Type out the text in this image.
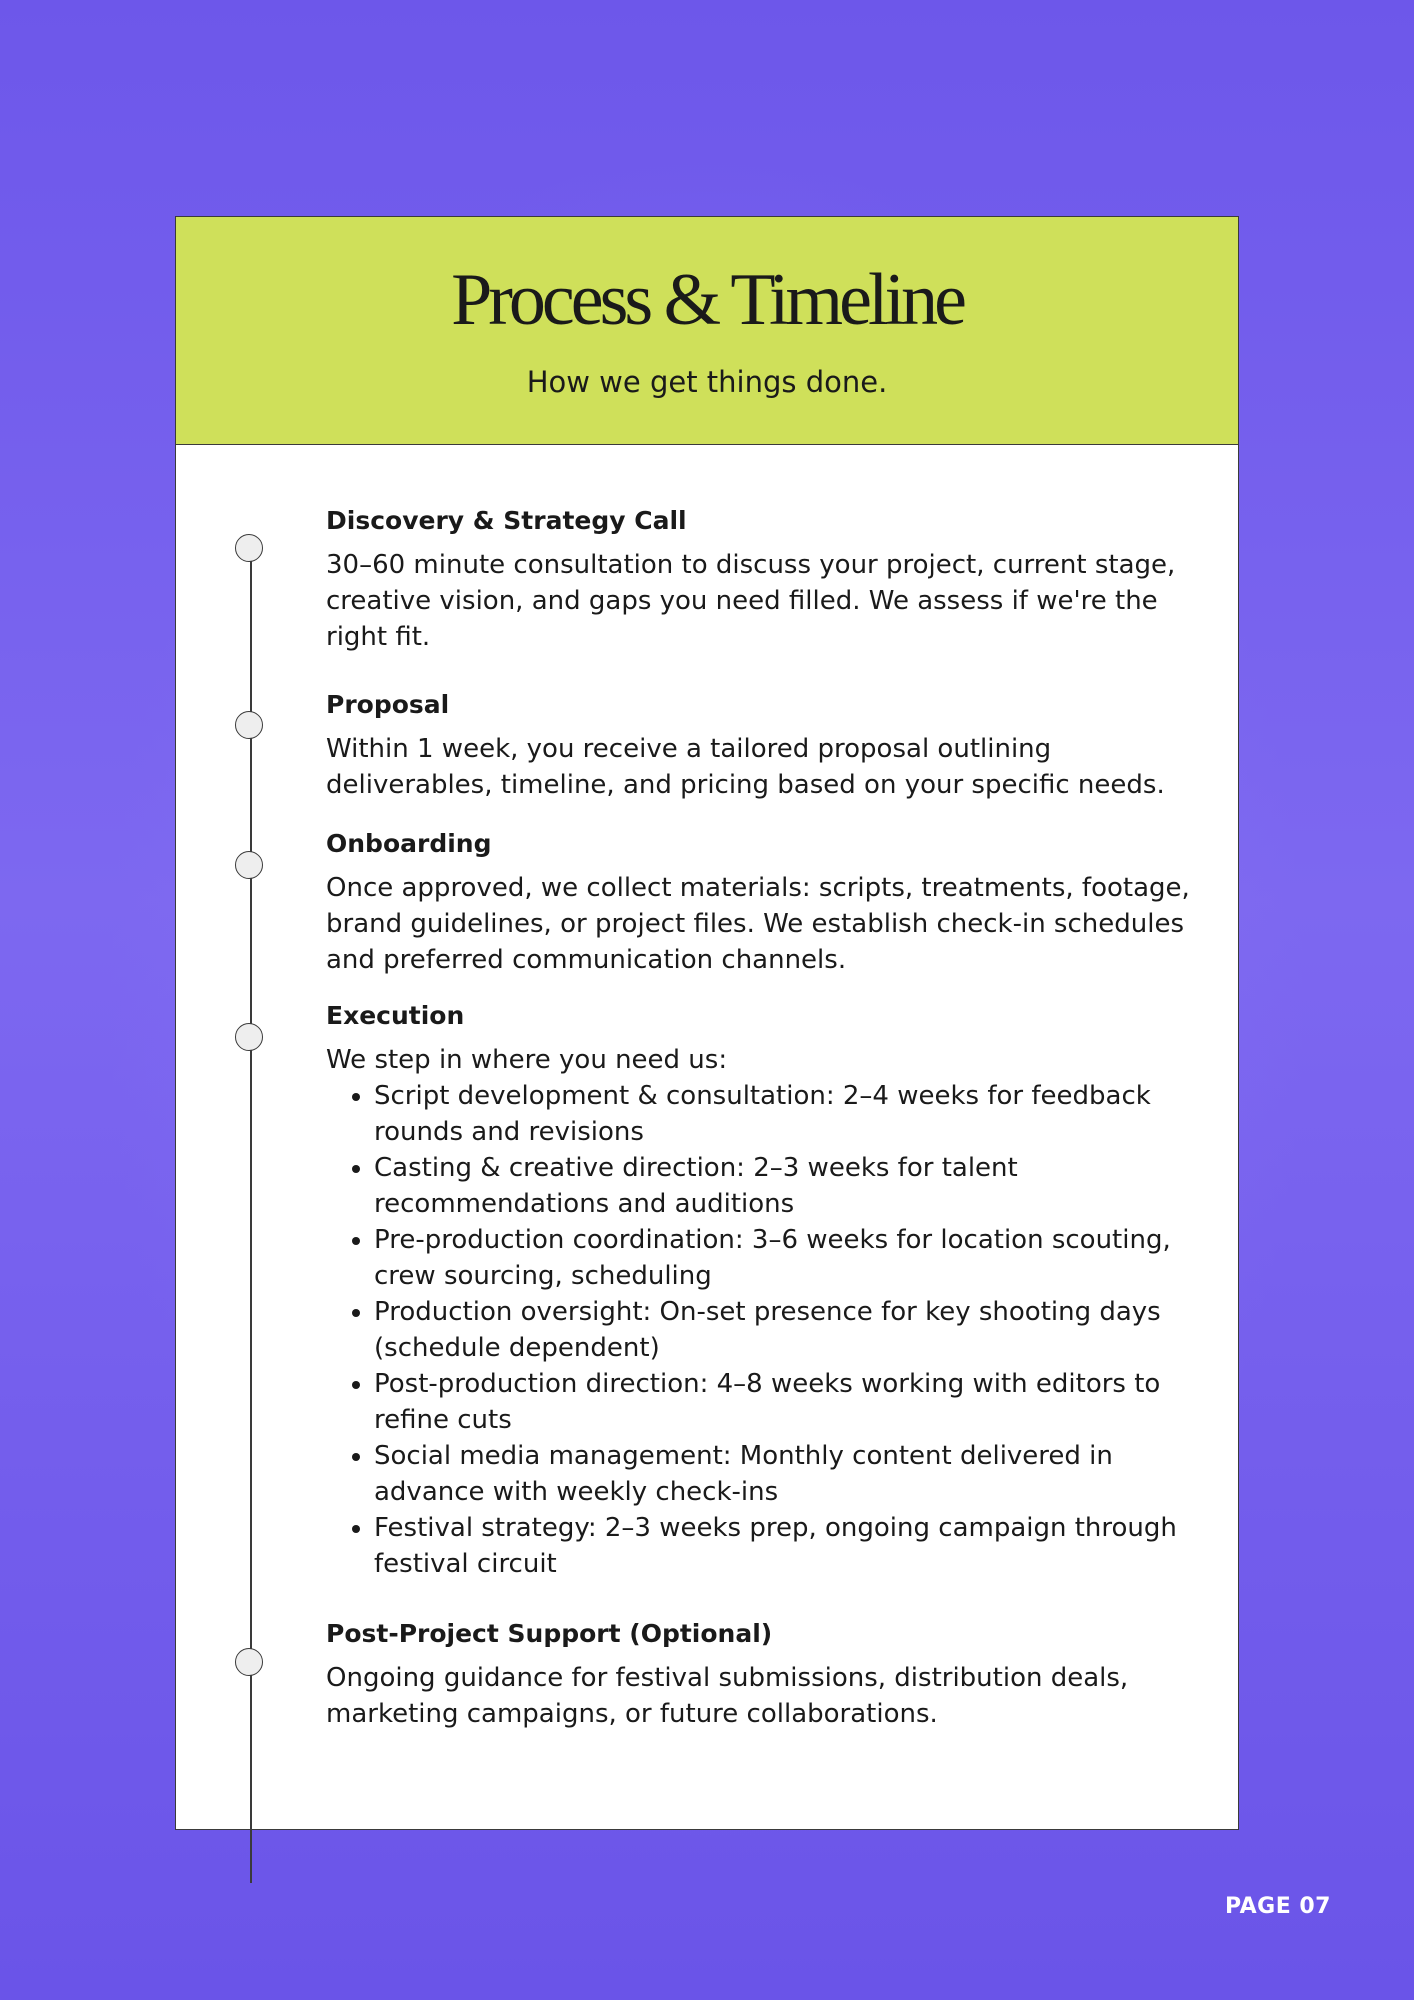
Process & Timeline

How we get things done.

Discovery & Strategy Call

30–60 minute consultation to discuss your project, current stage, creative vision, and gaps you need filled. We assess if we're the right fit.

Proposal

Within 1 week, you receive a tailored proposal outlining deliverables, timeline, and pricing based on your specific needs.

Onboarding

Once approved, we collect materials: scripts, treatments, footage, brand guidelines, or project files. We establish check-in schedules and preferred communication channels.

Execution

We step in where you need us:

• Script development & consultation: 2–4 weeks for feedback rounds and revisions
• Casting & creative direction: 2–3 weeks for talent recommendations and auditions
• Pre-production coordination: 3–6 weeks for location scouting, crew sourcing, scheduling
• Production oversight: On-set presence for key shooting days (schedule dependent)
• Post-production direction: 4–8 weeks working with editors to refine cuts
• Social media management: Monthly content delivered in advance with weekly check-ins
• Festival strategy: 2–3 weeks prep, ongoing campaign through festival circuit
Post-Project Support (Optional)

Ongoing guidance for festival submissions, distribution deals, marketing campaigns, or future collaborations.

PAGE 07
